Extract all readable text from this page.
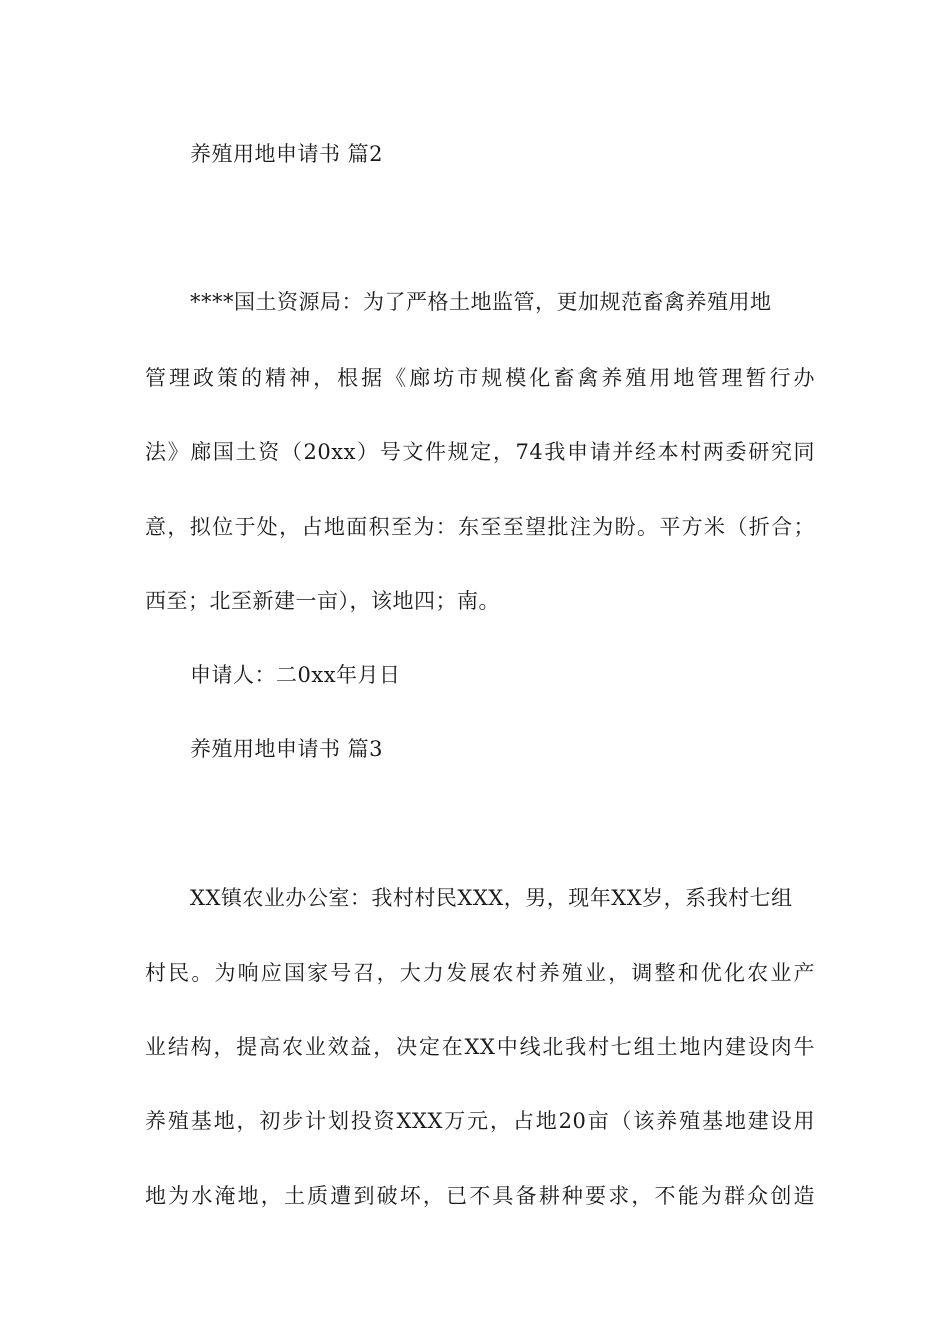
养殖用地申请书 篇2
****国土资源局：为了严格土地监管，更加规范畜禽养殖用地
管理政策的精神，根据《廊坊市规模化畜禽养殖用地管理暂行办
法》廊国土资（20xx）号文件规定，74我申请并经本村两委研究同
意，拟位于处，占地面积至为：东至至望批注为盼。平方米（折合；
西至；北至新建一亩），该地四；南。
申请人：二0xx年月日
养殖用地申请书 篇3
XX镇农业办公室：我村村民XXX，男，现年XX岁，系我村七组
村民。为响应国家号召，大力发展农村养殖业，调整和优化农业产
业结构，提高农业效益，决定在XX中线北我村七组土地内建设肉牛
养殖基地，初步计划投资XXX万元，占地20亩（该养殖基地建设用
地为水淹地，土质遭到破坏，已不具备耕种要求，不能为群众创造
